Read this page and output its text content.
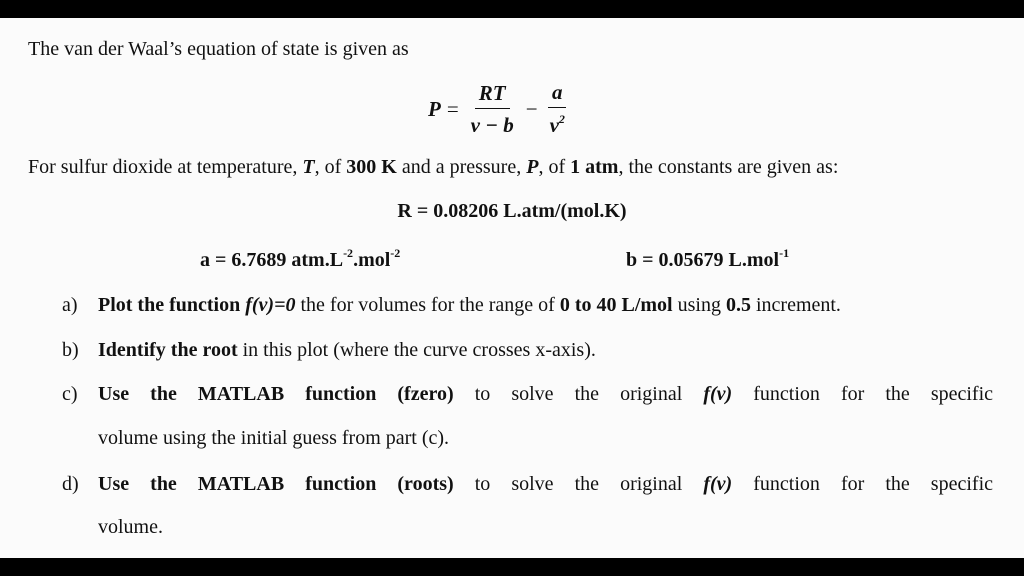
The van der Waal’s equation of state is given as
$P = \frac{RT}{v - b} - \frac{a}{v^2}$
For sulfur dioxide at temperature, T, of 300 K and a pressure, P, of 1 atm, the constants are given as:
R = 0.08206 L.atm/(mol.K)
a = 6.7689 $atm.L^{-2}.mol^{-2}$	b = 0.05679 L.mol$^{-1}$
a) Plot the function f(v)=0 the for volumes for the range of 0 to 40 L/mol using 0.5 increment.
b) Identify the root in this plot (where the curve crosses x-axis).
c) Use the MATLAB function (fzero) to solve the original f(v) function for the specific
volume using the initial guess from part (c).
d) Use the MATLAB function (roots) to solve the original f(v) function for the specific
volume.
